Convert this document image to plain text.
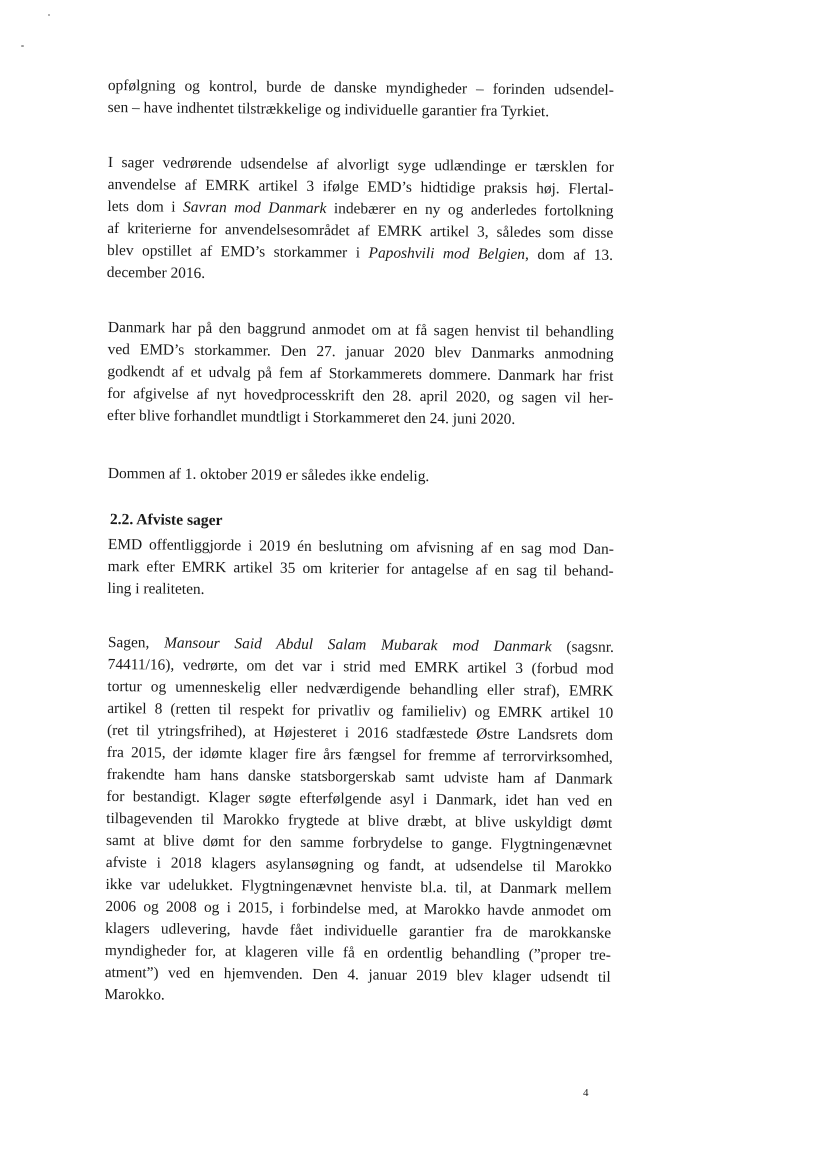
opfølgning og kontrol, burde de danske myndigheder – forinden udsendel-
sen – have indhentet tilstrækkelige og individuelle garantier fra Tyrkiet.
I sager vedrørende udsendelse af alvorligt syge udlændinge er tærsklen for
anvendelse af EMRK artikel 3 ifølge EMD’s hidtidige praksis høj. Flertal-
lets dom i Savran mod Danmark indebærer en ny og anderledes fortolkning
af kriterierne for anvendelsesområdet af EMRK artikel 3, således som disse
blev opstillet af EMD’s storkammer i Paposhvili mod Belgien, dom af 13.
december 2016.
Danmark har på den baggrund anmodet om at få sagen henvist til behandling
ved EMD’s storkammer. Den 27. januar 2020 blev Danmarks anmodning
godkendt af et udvalg på fem af Storkammerets dommere. Danmark har frist
for afgivelse af nyt hovedprocesskrift den 28. april 2020, og sagen vil her-
efter blive forhandlet mundtligt i Storkammeret den 24. juni 2020.
Dommen af 1. oktober 2019 er således ikke endelig.
2.2. Afviste sager
EMD offentliggjorde i 2019 én beslutning om afvisning af en sag mod Dan-
mark efter EMRK artikel 35 om kriterier for antagelse af en sag til behand-
ling i realiteten.
Sagen, Mansour Said Abdul Salam Mubarak mod Danmark (sagsnr.
74411/16), vedrørte, om det var i strid med EMRK artikel 3 (forbud mod
tortur og umenneskelig eller nedværdigende behandling eller straf), EMRK
artikel 8 (retten til respekt for privatliv og familieliv) og EMRK artikel 10
(ret til ytringsfrihed), at Højesteret i 2016 stadfæstede Østre Landsrets dom
fra 2015, der idømte klager fire års fængsel for fremme af terrorvirksomhed,
frakendte ham hans danske statsborgerskab samt udviste ham af Danmark
for bestandigt. Klager søgte efterfølgende asyl i Danmark, idet han ved en
tilbagevenden til Marokko frygtede at blive dræbt, at blive uskyldigt dømt
samt at blive dømt for den samme forbrydelse to gange. Flygtningenævnet
afviste i 2018 klagers asylansøgning og fandt, at udsendelse til Marokko
ikke var udelukket. Flygtningenævnet henviste bl.a. til, at Danmark mellem
2006 og 2008 og i 2015, i forbindelse med, at Marokko havde anmodet om
klagers udlevering, havde fået individuelle garantier fra de marokkanske
myndigheder for, at klageren ville få en ordentlig behandling (”proper tre-
atment”) ved en hjemvenden. Den 4. januar 2019 blev klager udsendt til
Marokko.
4
